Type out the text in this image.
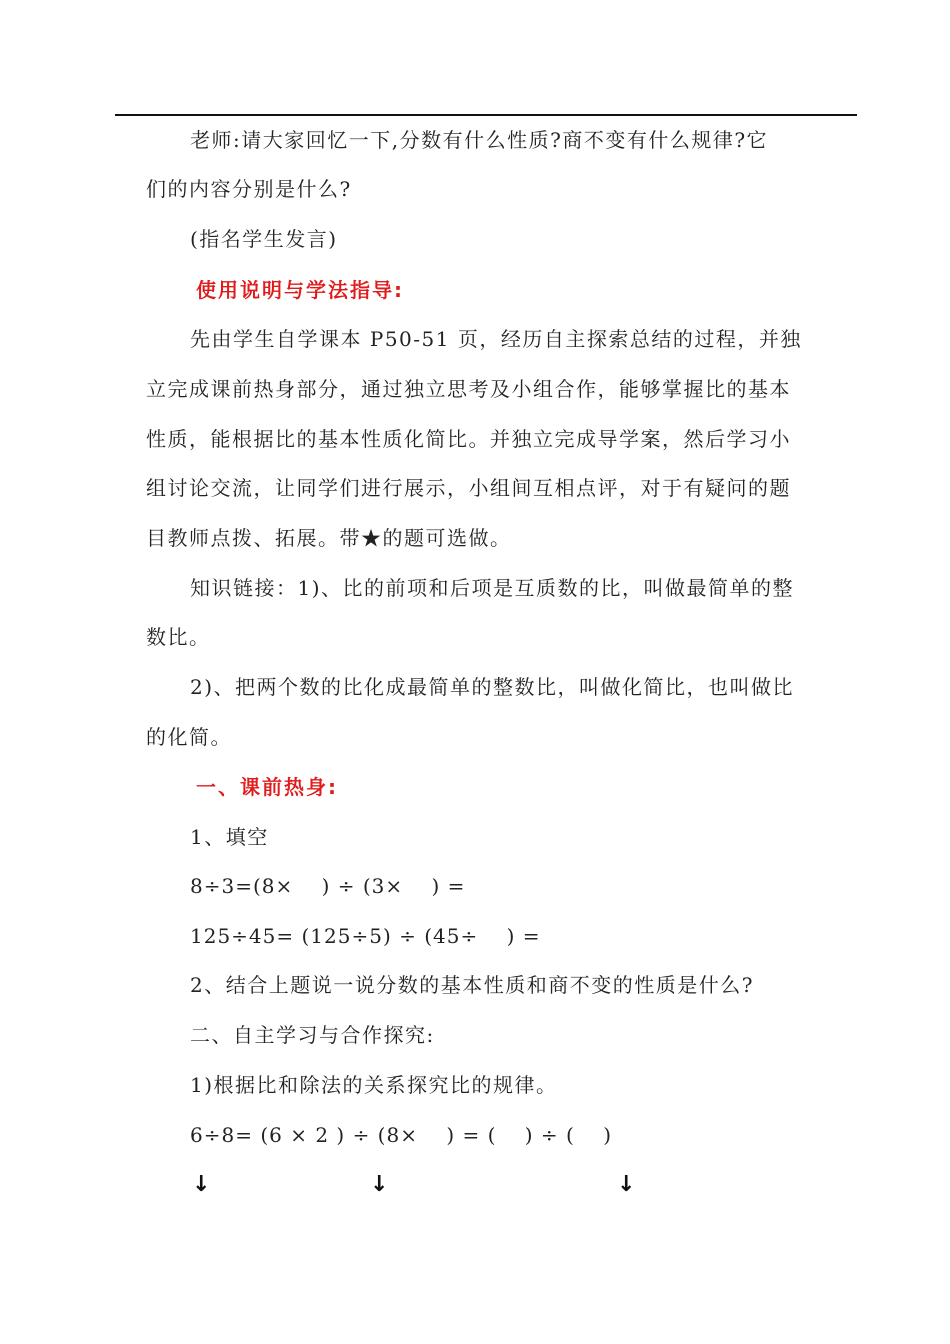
老师:请大家回忆一下,分数有什么性质?商不变有什么规律?它
们的内容分别是什么?
(指名学生发言)
使用说明与学法指导:
先由学生自学课本 P50-51 页，经历自主探索总结的过程，并独
立完成课前热身部分，通过独立思考及小组合作，能够掌握比的基本
性质，能根据比的基本性质化简比。并独立完成导学案，然后学习小
组讨论交流，让同学们进行展示，小组间互相点评，对于有疑问的题
目教师点拨、拓展。带★的题可选做。
知识链接：1)、比的前项和后项是互质数的比，叫做最简单的整
数比。
2)、把两个数的比化成最简单的整数比，叫做化简比，也叫做比
的化简。
一、课前热身:
1、填空
8÷3=(8×　 ) ÷ (3×　 ) =
125÷45= (125÷5) ÷ (45÷　 ) =
2、结合上题说一说分数的基本性质和商不变的性质是什么?
二、自主学习与合作探究:
1)根据比和除法的关系探究比的规律。
6÷8= (6 × 2 ) ÷ (8×　 ) = (　 ) ÷ (　 )
↓	↓	↓
